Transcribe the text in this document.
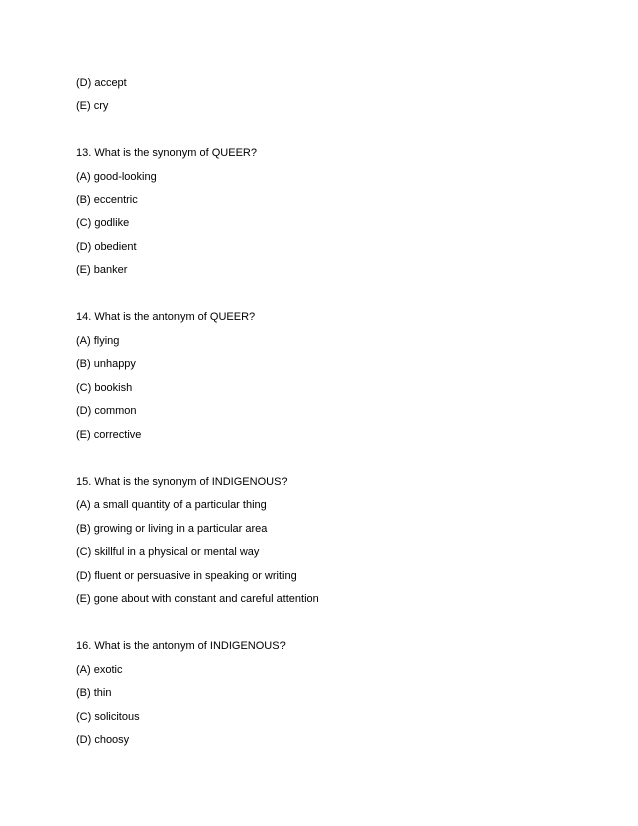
(D) accept
(E) cry
13. What is the synonym of QUEER?
(A) good-looking
(B) eccentric
(C) godlike
(D) obedient
(E) banker
14. What is the antonym of QUEER?
(A) flying
(B) unhappy
(C) bookish
(D) common
(E) corrective
15. What is the synonym of INDIGENOUS?
(A) a small quantity of a particular thing
(B) growing or living in a particular area
(C) skillful in a physical or mental way
(D) fluent or persuasive in speaking or writing
(E) gone about with constant and careful attention
16. What is the antonym of INDIGENOUS?
(A) exotic
(B) thin
(C) solicitous
(D) choosy
